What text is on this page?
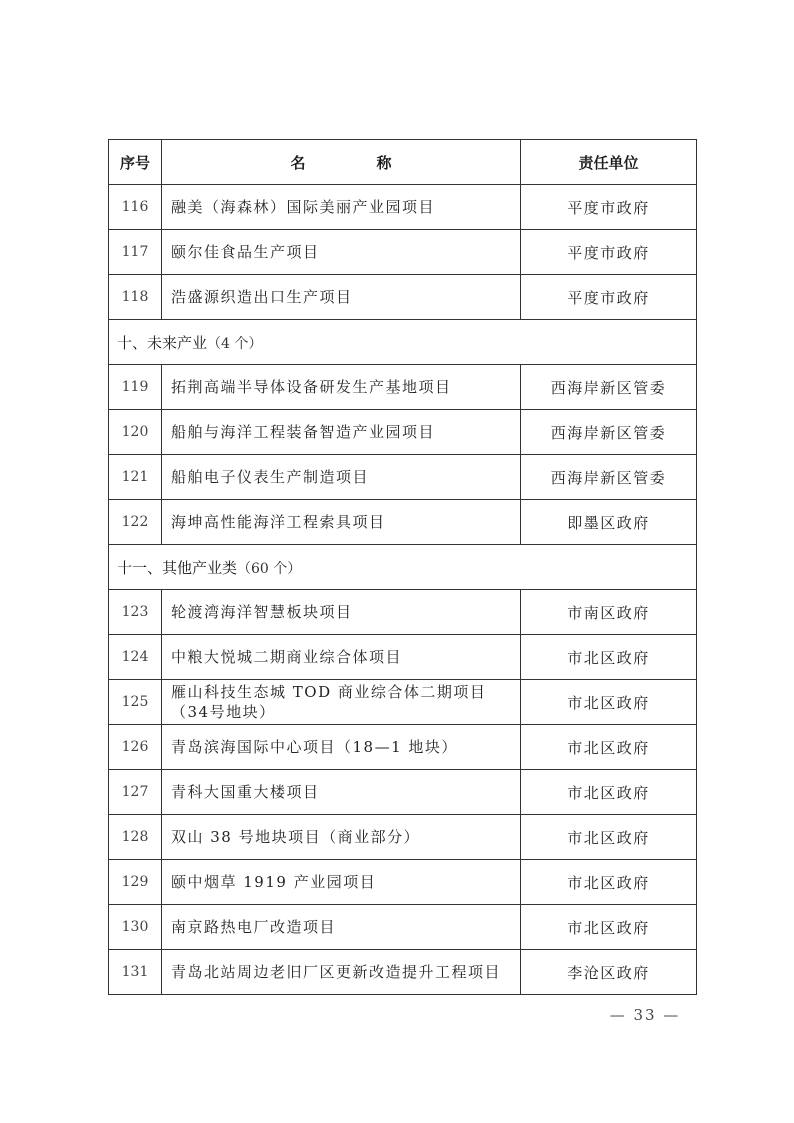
序号	名　称	责任单位
116	融美（海森林）国际美丽产业园项目	平度市政府
117	颐尔佳食品生产项目	平度市政府
118	浩盛源织造出口生产项目	平度市政府
十、未来产业（4 个）		
119	拓荆高端半导体设备研发生产基地项目	西海岸新区管委
120	船舶与海洋工程装备智造产业园项目	西海岸新区管委
121	船舶电子仪表生产制造项目	西海岸新区管委
122	海坤高性能海洋工程索具项目	即墨区政府
十一、其他产业类（60 个）		
123	轮渡湾海洋智慧板块项目	市南区政府
124	中粮大悦城二期商业综合体项目	市北区政府
125	雁山科技生态城 TOD 商业综合体二期项目（34号地块）	市北区政府
126	青岛滨海国际中心项目（18—1 地块）	市北区政府
127	青科大国重大楼项目	市北区政府
128	双山 38 号地块项目（商业部分）	市北区政府
129	颐中烟草 1919 产业园项目	市北区政府
130	南京路热电厂改造项目	市北区政府
131	青岛北站周边老旧厂区更新改造提升工程项目	李沧区政府
— 33 —
